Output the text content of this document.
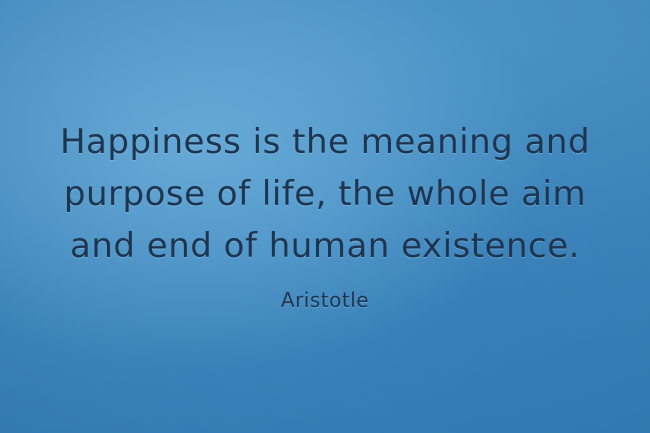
Happiness is the meaning and
purpose of life, the whole aim
and end of human existence.
Aristotle
